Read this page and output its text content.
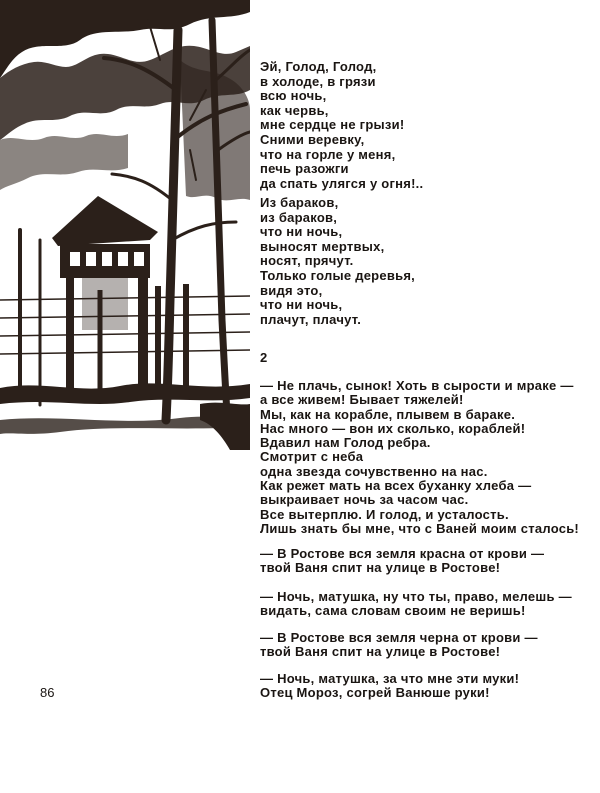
Эй, Голод, Голод,
в холоде, в грязи
всю ночь,
как червь,
мне сердце не грызи!
Сними веревку,
что на горле у меня,
печь разожги
да спать улягся у огня!..
Из бараков,
из бараков,
что ни ночь,
выносят мертвых,
носят, прячут.
Только голые деревья,
видя это,
что ни ночь,
плачут, плачут.
2
— Не плачь, сынок! Хоть в сырости и мраке —
а все живем! Бывает тяжелей!
Мы, как на корабле, плывем в бараке.
Нас много — вон их сколько, кораблей!
Вдавил нам Голод ребра.
Смотрит с неба
одна звезда сочувственно на нас.
Как режет мать на всех буханку хлеба —
выкраивает ночь за часом час.
Все вытерплю. И голод, и усталость.
Лишь знать бы мне, что с Ваней моим сталось!
— В Ростове вся земля красна от крови —
твой Ваня спит на улице в Ростове!
— Ночь, матушка, ну что ты, право, мелешь —
видать, сама словам своим не веришь!
— В Ростове вся земля черна от крови —
твой Ваня спит на улице в Ростове!
— Ночь, матушка, за что мне эти муки!
Отец Мороз, согрей Ванюше руки!
86
